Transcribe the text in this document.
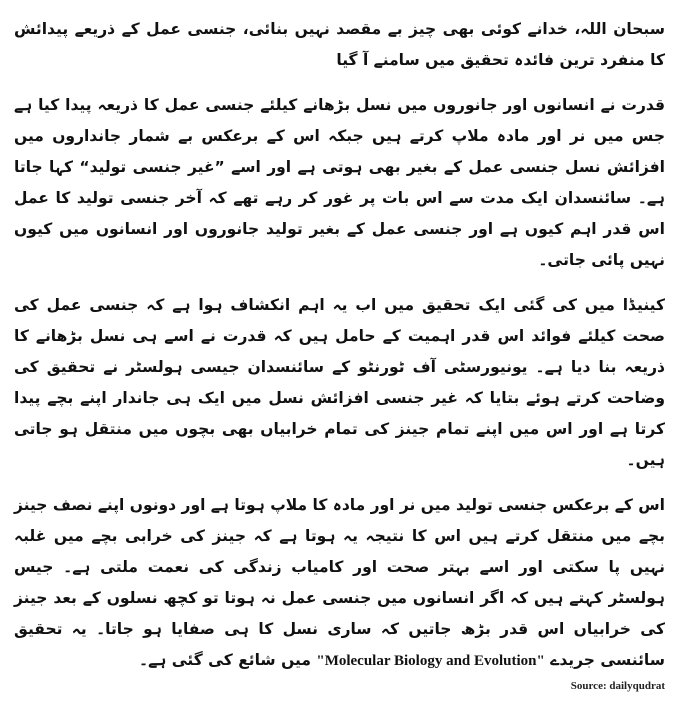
سبحان اللہ، خدانے کوئی بھی چیز بے مقصد نہیں بنائی، جنسی عمل کے ذریعے پیدائش کا منفرد ترین فائدہ تحقیق میں سامنے آ گیا

قدرت نے انسانوں اور جانوروں میں نسل بڑھانے کیلئے جنسی عمل کا ذریعہ پیدا کیا ہے جس میں نر اور مادہ ملاپ کرتے ہیں جبکہ اس کے برعکس بے شمار جانداروں میں افزائش نسل جنسی عمل کے بغیر بھی ہوتی ہے اور اسے ”غیر جنسی تولید“ کہا جاتا ہے۔ سائنسدان ایک مدت سے اس بات پر غور کر رہے تھے کہ آخر جنسی تولید کا عمل اس قدر اہم کیوں ہے اور جنسی عمل کے بغیر تولید جانوروں اور انسانوں میں کیوں نہیں پائی جاتی۔

کینیڈا میں کی گئی ایک تحقیق میں اب یہ اہم انکشاف ہوا ہے کہ جنسی عمل کی صحت کیلئے فوائد اس قدر اہمیت کے حامل ہیں کہ قدرت نے اسے ہی نسل بڑھانے کا ذریعہ بنا دیا ہے۔ یونیورسٹی آف ٹورنٹو کے سائنسدان جیسی ہولسٹر نے تحقیق کی وضاحت کرتے ہوئے بتایا کہ غیر جنسی افزائش نسل میں ایک ہی جاندار اپنے بچے پیدا کرتا ہے اور اس میں اپنے تمام جینز کی تمام خرابیاں بھی بچوں میں منتقل ہو جاتی ہیں۔

اس کے برعکس جنسی تولید میں نر اور مادہ کا ملاپ ہوتا ہے اور دونوں اپنے نصف جینز بچے میں منتقل کرتے ہیں اس کا نتیجہ یہ ہوتا ہے کہ جینز کی خرابی بچے میں غلبہ نہیں پا سکتی اور اسے بہتر صحت اور کامیاب زندگی کی نعمت ملتی ہے۔ جیس ہولسٹر کہتے ہیں کہ اگر انسانوں میں جنسی عمل نہ ہوتا تو کچھ نسلوں کے بعد جینز کی خرابیاں اس قدر بڑھ جاتیں کہ ساری نسل کا ہی صفایا ہو جاتا۔ یہ تحقیق سائنسی جریدے "Molecular Biology and Evolution" میں شائع کی گئی ہے۔

Source: dailyqudrat
